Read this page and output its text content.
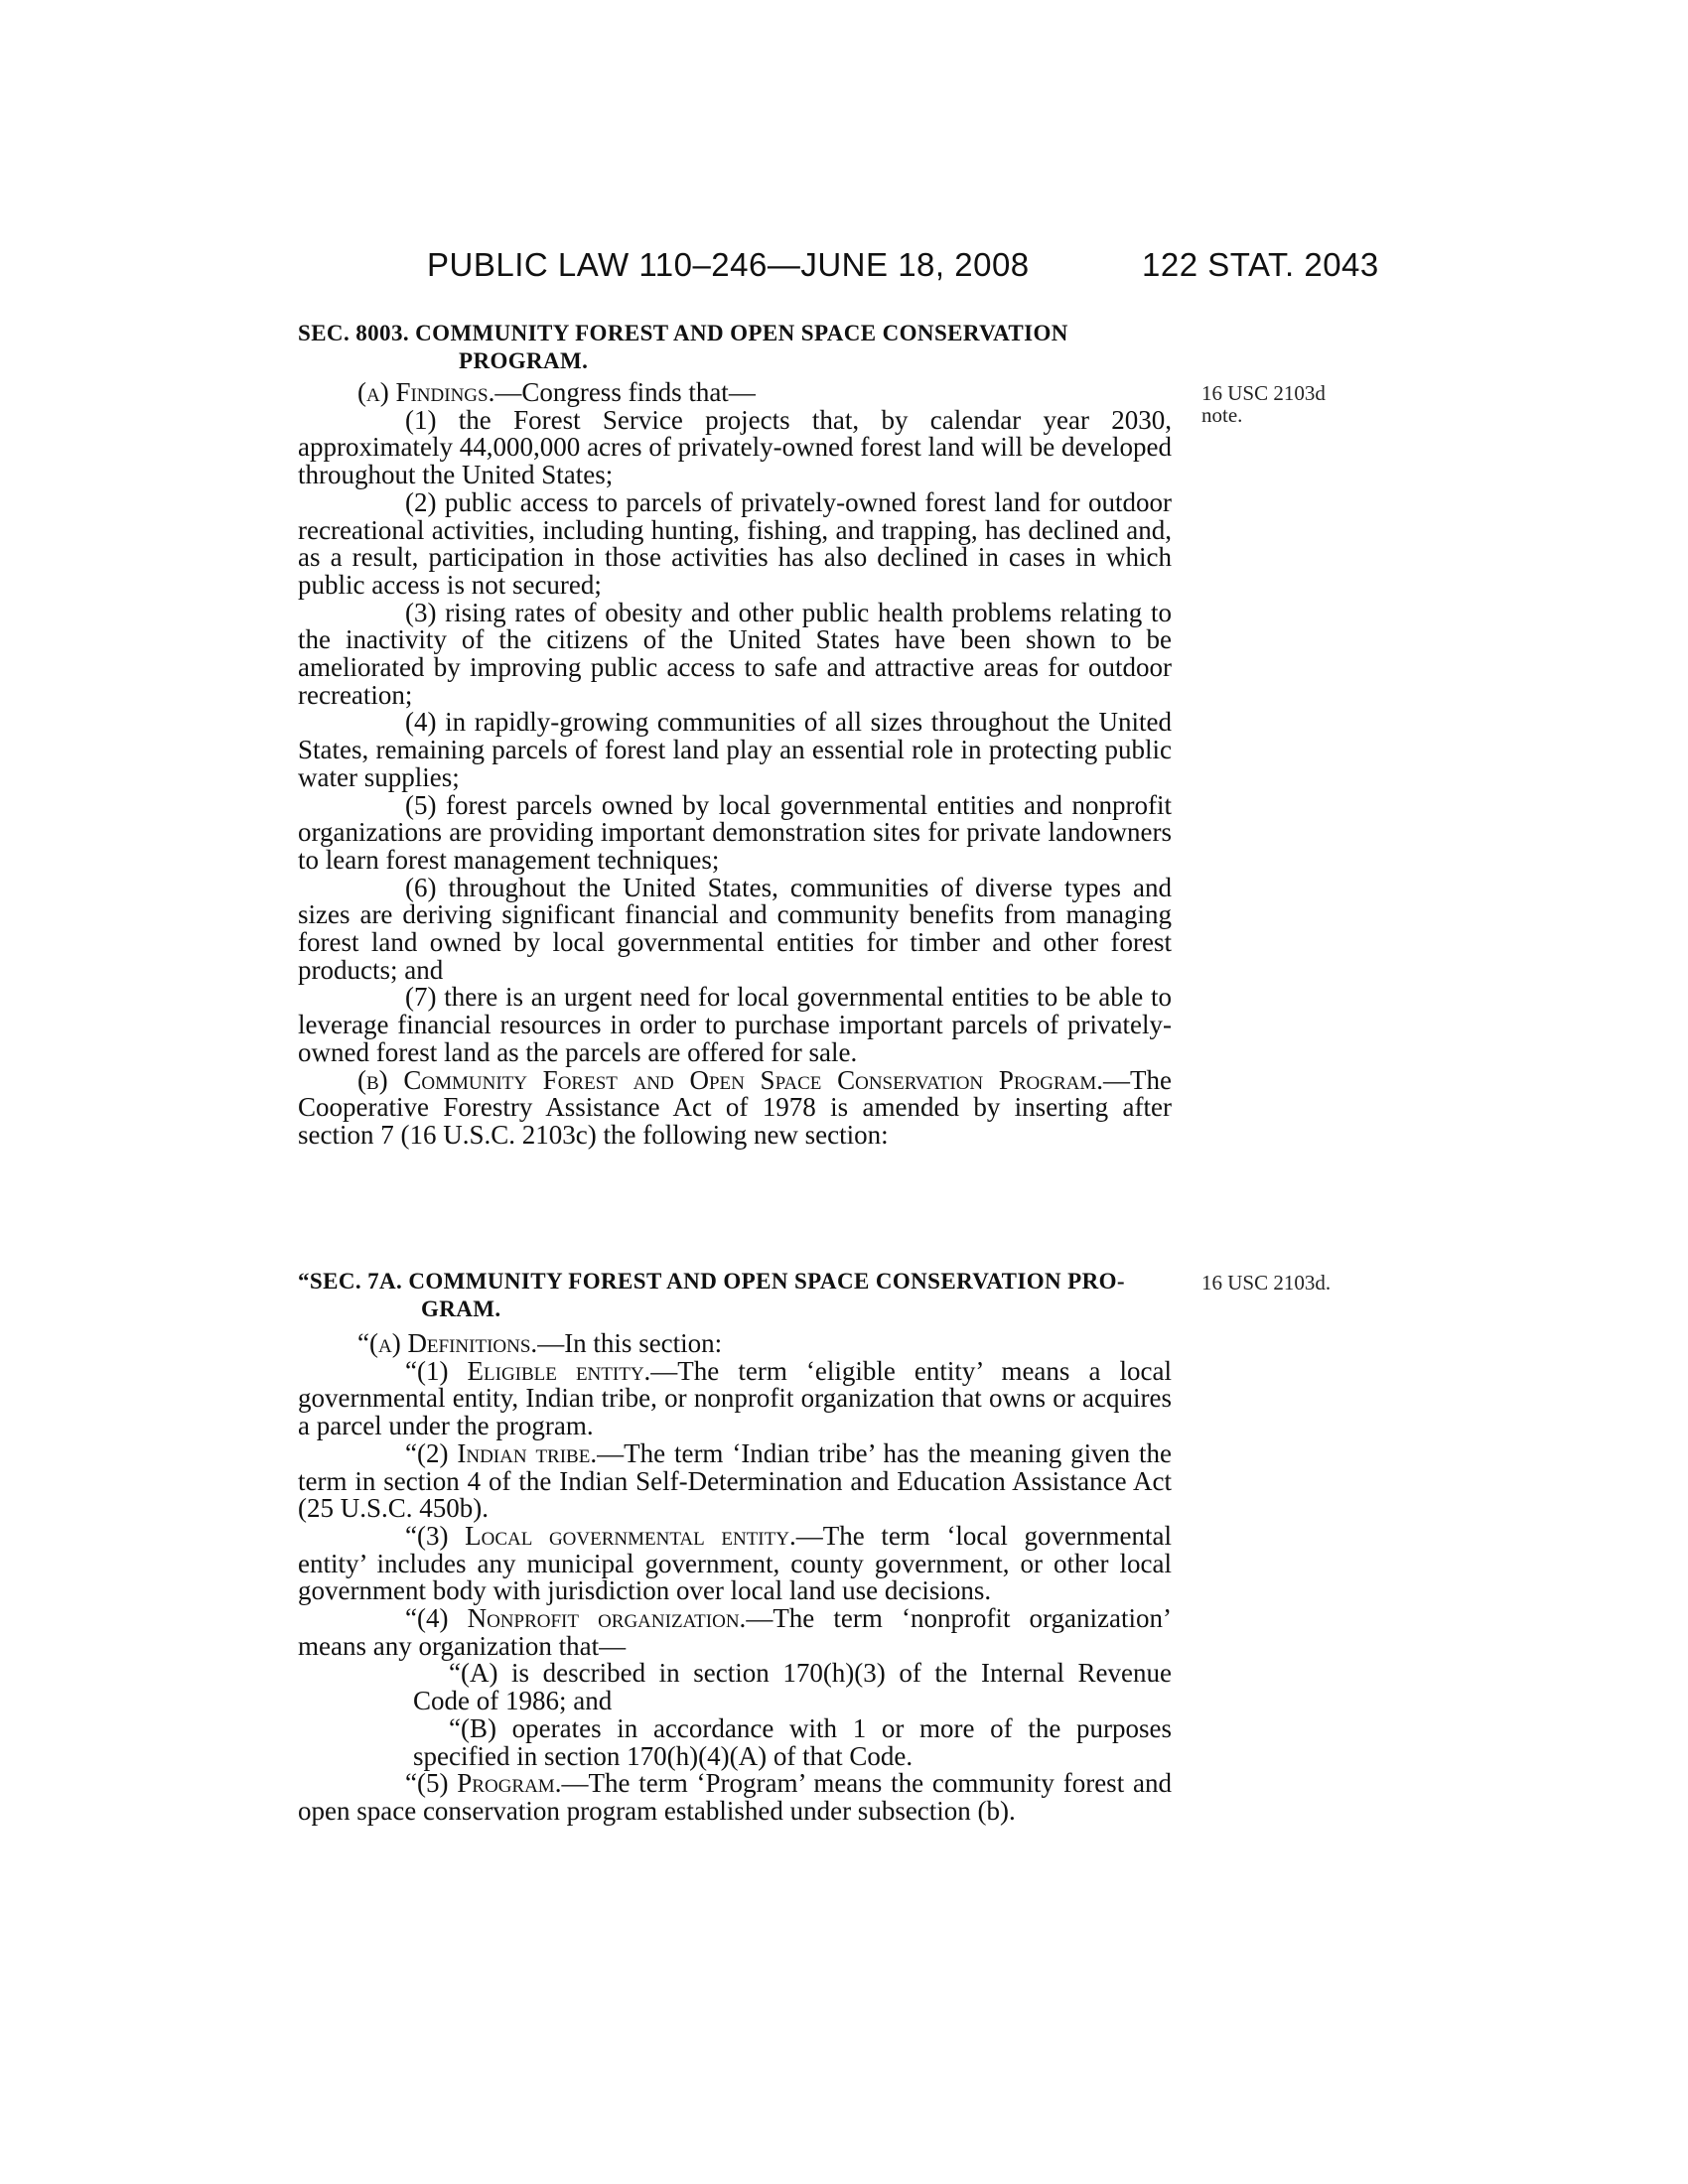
PUBLIC LAW 110–246—JUNE 18, 2008	122 STAT. 2043
SEC. 8003. COMMUNITY FOREST AND OPEN SPACE CONSERVATION
PROGRAM.

(a) Findings.—Congress finds that—

(1) the Forest Service projects that, by calendar year 2030, approximately 44,000,000 acres of privately-owned forest land will be developed throughout the United States;

(2) public access to parcels of privately-owned forest land for outdoor recreational activities, including hunting, fishing, and trapping, has declined and, as a result, participation in those activities has also declined in cases in which public access is not secured;

(3) rising rates of obesity and other public health problems relating to the inactivity of the citizens of the United States have been shown to be ameliorated by improving public access to safe and attractive areas for outdoor recreation;

(4) in rapidly-growing communities of all sizes throughout the United States, remaining parcels of forest land play an essential role in protecting public water supplies;

(5) forest parcels owned by local governmental entities and nonprofit organizations are providing important demonstration sites for private landowners to learn forest management techniques;

(6) throughout the United States, communities of diverse types and sizes are deriving significant financial and community benefits from managing forest land owned by local governmental entities for timber and other forest products; and

(7) there is an urgent need for local governmental entities to be able to leverage financial resources in order to purchase important parcels of privately-owned forest land as the parcels are offered for sale.

(b) Community Forest and Open Space Conservation Program.—The Cooperative Forestry Assistance Act of 1978 is amended by inserting after section 7 (16 U.S.C. 2103c) the following new section:

“SEC. 7A. COMMUNITY FOREST AND OPEN SPACE CONSERVATION PRO-
GRAM.

“(a) Definitions.—In this section:

“(1) Eligible entity.—The term ‘eligible entity’ means a local governmental entity, Indian tribe, or nonprofit organization that owns or acquires a parcel under the program.

“(2) Indian tribe.—The term ‘Indian tribe’ has the meaning given the term in section 4 of the Indian Self-Determination and Education Assistance Act (25 U.S.C. 450b).

“(3) Local governmental entity.—The term ‘local governmental entity’ includes any municipal government, county government, or other local government body with jurisdiction over local land use decisions.

“(4) Nonprofit organization.—The term ‘nonprofit organization’ means any organization that—

“(A) is described in section 170(h)(3) of the Internal Revenue Code of 1986; and

“(B) operates in accordance with 1 or more of the purposes specified in section 170(h)(4)(A) of that Code.

“(5) Program.—The term ‘Program’ means the community forest and open space conservation program established under subsection (b).

16 USC 2103d
note.
16 USC 2103d.
